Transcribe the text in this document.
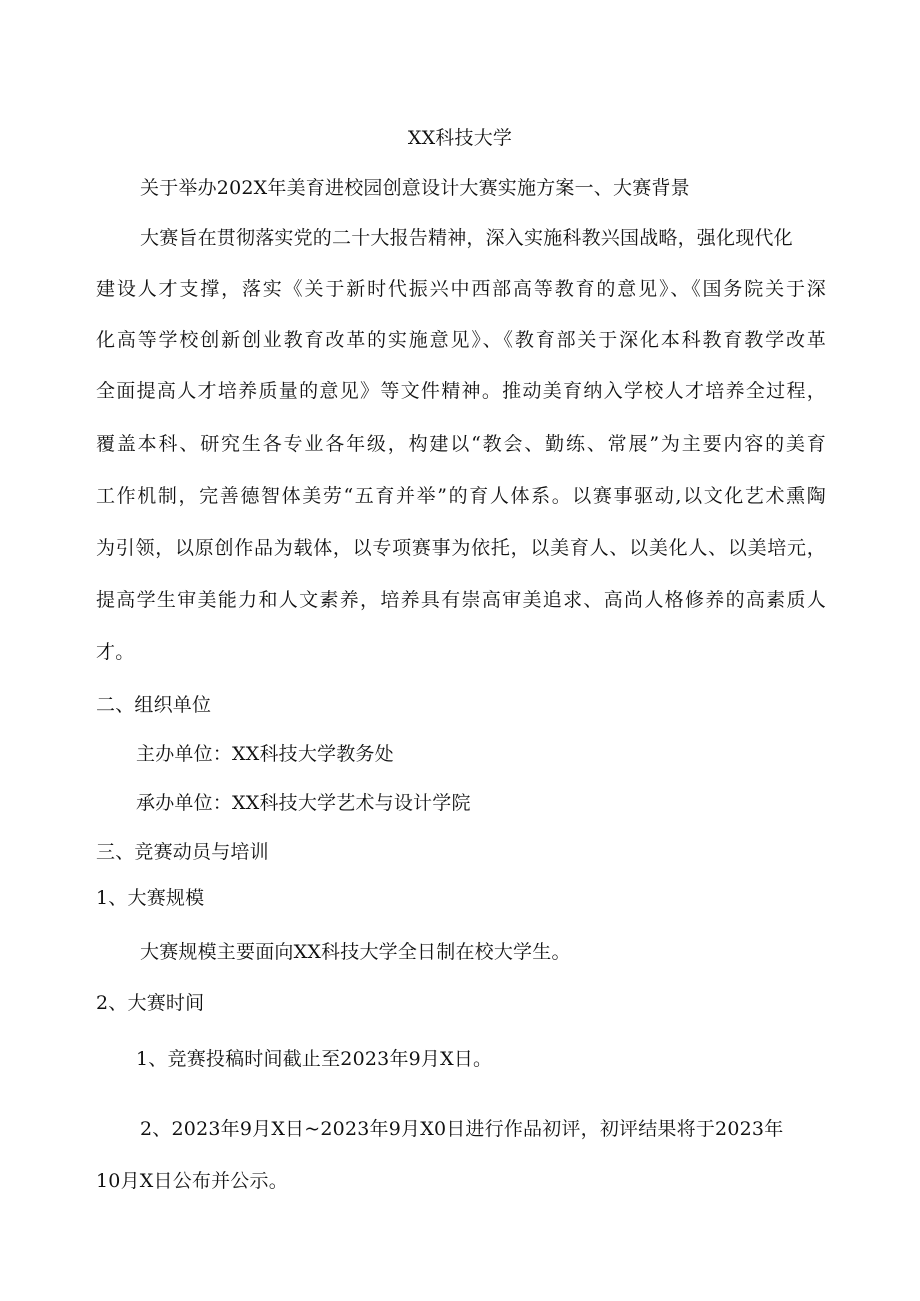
XX科技大学
关于举办202X年美育进校园创意设计大赛实施方案一、大赛背景
大赛旨在贯彻落实党的二十大报告精神，深入实施科教兴国战略，强化现代化
建设人才支撑，落实《关于新时代振兴中西部高等教育的意见》、《国务院关于深
化高等学校创新创业教育改革的实施意见》、《教育部关于深化本科教育教学改革
全面提高人才培养质量的意见》等文件精神。推动美育纳入学校人才培养全过程，
覆盖本科、研究生各专业各年级，构建以“教会、勤练、常展”为主要内容的美育
工作机制，完善德智体美劳“五育并举”的育人体系。以赛事驱动,以文化艺术熏陶
为引领，以原创作品为载体，以专项赛事为依托，以美育人、以美化人、以美培元，
提高学生审美能力和人文素养，培养具有崇高审美追求、高尚人格修养的高素质人
才。
二、组织单位
主办单位：XX科技大学教务处
承办单位：XX科技大学艺术与设计学院
三、竞赛动员与培训
1、大赛规模
大赛规模主要面向XX科技大学全日制在校大学生。
2、大赛时间
1、竞赛投稿时间截止至2023年9月X日。
2、2023年9月X日~2023年9月X0日进行作品初评，初评结果将于2023年
10月X日公布并公示。
